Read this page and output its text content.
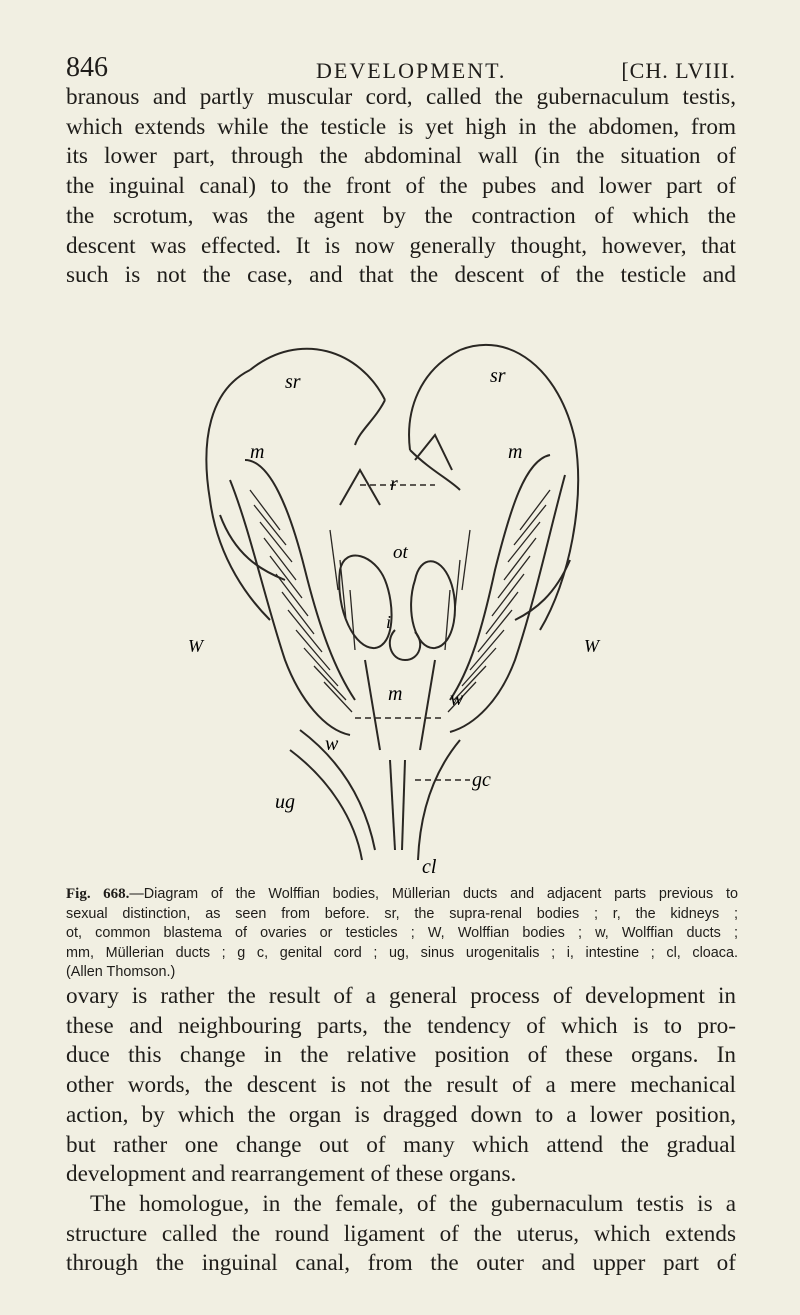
846	DEVELOPMENT.	[CH. LVIII.
branous and partly muscular cord, called the gubernaculum testis,
which extends while the testicle is yet high in the abdomen, from
its lower part, through the abdominal wall (in the situation of
the inguinal canal) to the front of the pubes and lower part of
the scrotum, was the agent by the contraction of which the
descent was effected. It is now generally thought, however, that
such is not the case, and that the descent of the testicle and
sr	sr
m	m
r
ot
W	W
i
m
w
w
gc
ug
cl
Fig. 668.—Diagram of the Wolffian bodies, Müllerian ducts and adjacent parts previous to
sexual distinction, as seen from before. sr, the supra-renal bodies ; r, the kidneys ;
ot, common blastema of ovaries or testicles ; W, Wolffian bodies ; w, Wolffian ducts ;
mm, Müllerian ducts ; g c, genital cord ; ug, sinus urogenitalis ; i, intestine ; cl, cloaca.
(Allen Thomson.)
ovary is rather the result of a general process of development in
these and neighbouring parts, the tendency of which is to pro-
duce this change in the relative position of these organs. In
other words, the descent is not the result of a mere mechanical
action, by which the organ is dragged down to a lower position,
but rather one change out of many which attend the gradual
development and rearrangement of these organs.
The homologue, in the female, of the gubernaculum testis is a
structure called the round ligament of the uterus, which extends
through the inguinal canal, from the outer and upper part of
